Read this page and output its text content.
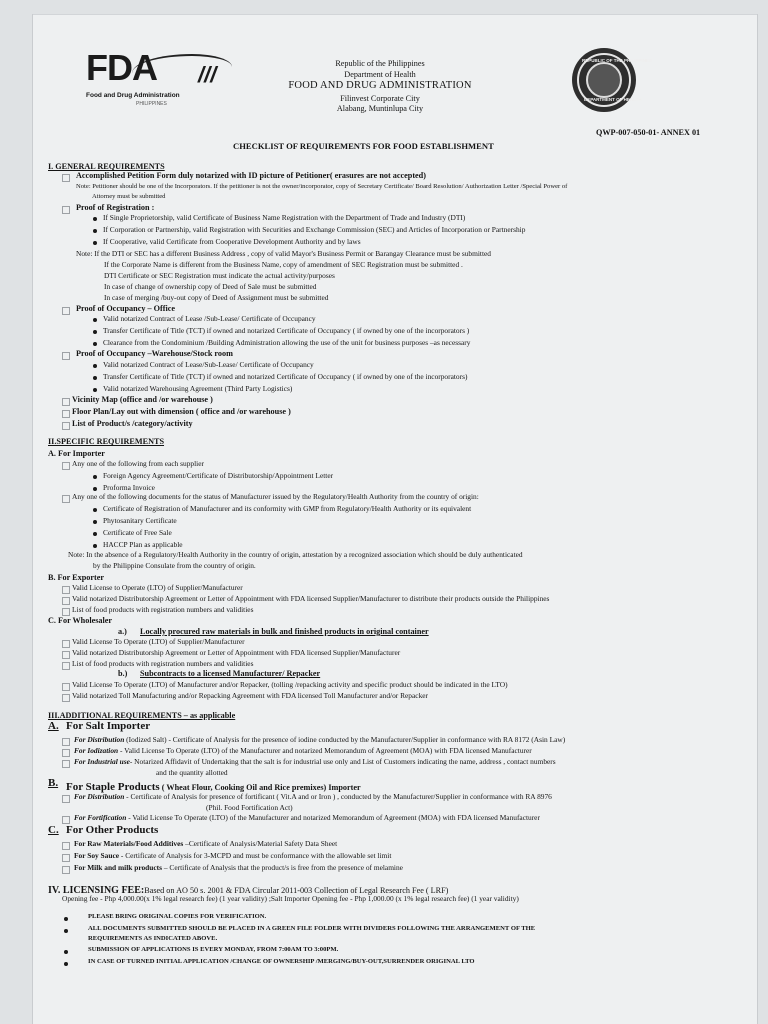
FDA ///
Food and Drug Administration
PHILIPPINES
Republic of the Philippines
Department of Health
FOOD AND DRUG ADMINISTRATION
Filinvest Corporate City
Alabang, Muntinlupa City
REPUBLIC OF THE PHILIPPINES
DEPARTMENT OF HEALTH
QWP-007-050-01- ANNEX 01
CHECKLIST OF REQUIREMENTS FOR FOOD ESTABLISHMENT
I. GENERAL REQUIREMENTS
Accomplished Petition Form duly notarized with ID picture of Petitioner( erasures are not accepted)
Note: Petitioner should be one of the Incorporators. If the petitioner is not the owner/incorporator, copy of Secretary Certificate/ Board Resolution/ Authorization Letter /Special Power of
Attorney must be submitted
Proof of Registration :
If Single Proprietorship, valid Certificate of Business Name Registration with the Department of Trade and Industry (DTI)
If Corporation or Partnership, valid Registration with Securities and Exchange Commission (SEC) and Articles of Incorporation or Partnership
If Cooperative, valid Certificate from Cooperative Development Authority and by laws
Note: If the DTI or SEC has a different Business Address , copy of valid Mayor's Business Permit or Barangay Clearance must be submitted
If the Corporate Name is different from the Business Name, copy of amendment of SEC Registration must be submitted .
DTI Certificate or SEC Registration must indicate the actual activity/purposes
In case of change of ownership copy of Deed of Sale must be submitted
In case of merging /buy-out copy of Deed of Assignment must be submitted
Proof of Occupancy – Office
Valid notarized Contract of Lease /Sub-Lease/ Certificate of Occupancy
Transfer Certificate of Title (TCT) if owned and notarized Certificate of Occupancy ( if owned by one of the incorporators )
Clearance from the Condominium /Building Administration allowing the use of the unit for business purposes –as necessary
Proof of Occupancy –Warehouse/Stock room
Valid notarized Contract of Lease/Sub-Lease/ Certificate of Occupancy
Transfer Certificate of Title (TCT) if owned and notarized Certificate of Occupancy ( if owned by one of the incorporators)
Valid notarized Warehousing Agreement (Third Party Logistics)
Vicinity Map (office and /or warehouse )
Floor Plan/Lay out with dimension ( office and /or warehouse )
List of Product/s /category/activity
II.SPECIFIC REQUIREMENTS
A. For Importer
Any one of the following from each supplier
Foreign Agency Agreement/Certificate of Distributorship/Appointment Letter
Proforma Invoice
Any one of the following documents for the status of Manufacturer issued by the Regulatory/Health Authority from the country of origin:
Certificate of Registration of Manufacturer and its conformity with GMP from Regulatory/Health Authority or its equivalent
Phytosanitary Certificate
Certificate of Free Sale
HACCP Plan as applicable
Note: In the absence of a Regulatory/Health Authority in the country of origin, attestation by a recognized association which should be duly authenticated
by the Philippine Consulate from the country of origin.
B. For Exporter
Valid License to Operate (LTO) of Supplier/Manufacturer
Valid notarized Distributorship Agreement or Letter of Appointment with FDA licensed Supplier/Manufacturer to distribute their products outside the Philippines
List of food products with registration numbers and validities
C. For Wholesaler
a.) Locally procured raw materials in bulk and finished products in original container
Valid License To Operate (LTO) of Supplier/Manufacturer
Valid notarized Distributorship Agreement or Letter of Appointment with FDA licensed Supplier/Manufacturer
List of food products with registration numbers and validities
b.) Subcontracts to a licensed Manufacturer/ Repacker
Valid License To Operate (LTO) of Manufacturer and/or Repacker, (tolling /repacking activity and specific product should be indicated in the LTO)
Valid notarized Toll Manufacturing and/or Repacking Agreement with FDA licensed Toll Manufacturer and/or Repacker
III.ADDITIONAL REQUIREMENTS – as applicable
A. For Salt Importer
For Distribution (Iodized Salt) - Certificate of Analysis for the presence of iodine conducted by the Manufacturer/Supplier in conformance with RA 8172 (Asin Law)
For Iodization - Valid License To Operate (LTO) of the Manufacturer and notarized Memorandum of Agreement (MOA) with FDA licensed Manufacturer
For Industrial use- Notarized Affidavit of Undertaking that the salt is for industrial use only and List of Customers indicating the name, address , contact numbers
and the quantity allotted
B. For Staple Products ( Wheat Flour, Cooking Oil and Rice premixes) Importer
For Distribution - Certificate of Analysis for presence of fortificant ( Vit.A and or Iron ) , conducted by the Manufacturer/Supplier in conformance with RA 8976
(Phil. Food Fortification Act)
For Fortification - Valid License To Operate (LTO) of the Manufacturer and notarized Memorandum of Agreement (MOA) with FDA licensed Manufacturer
C. For Other Products
For Raw Materials/Food Additives –Certificate of Analysis/Material Safety Data Sheet
For Soy Sauce - Certificate of Analysis for 3-MCPD and must be conformance with the allowable set limit
For Milk and milk products – Certificate of Analysis that the product/s is free from the presence of melamine
IV. LICENSING FEE:Based on AO 50 s. 2001 & FDA Circular 2011-003 Collection of Legal Research Fee ( LRF)
Opening fee - Php 4,000.00(x 1% legal research fee) (1 year validity) ;Salt Importer Opening fee - Php 1,000.00 (x 1% legal research fee) (1 year validity)
PLEASE BRING ORIGINAL COPIES FOR VERIFICATION.
ALL DOCUMENTS SUBMITTED SHOULD BE PLACED IN A GREEN FILE FOLDER WITH DIVIDERS FOLLOWING THE ARRANGEMENT OF THE
REQUIREMENTS AS INDICATED ABOVE.
SUBMISSION OF APPLICATIONS IS EVERY MONDAY, FROM 7:00AM TO 3:00PM.
IN CASE OF TURNED INITIAL APPLICATION /CHANGE OF OWNERSHIP /MERGING/BUY-OUT,SURRENDER ORIGINAL LTO
